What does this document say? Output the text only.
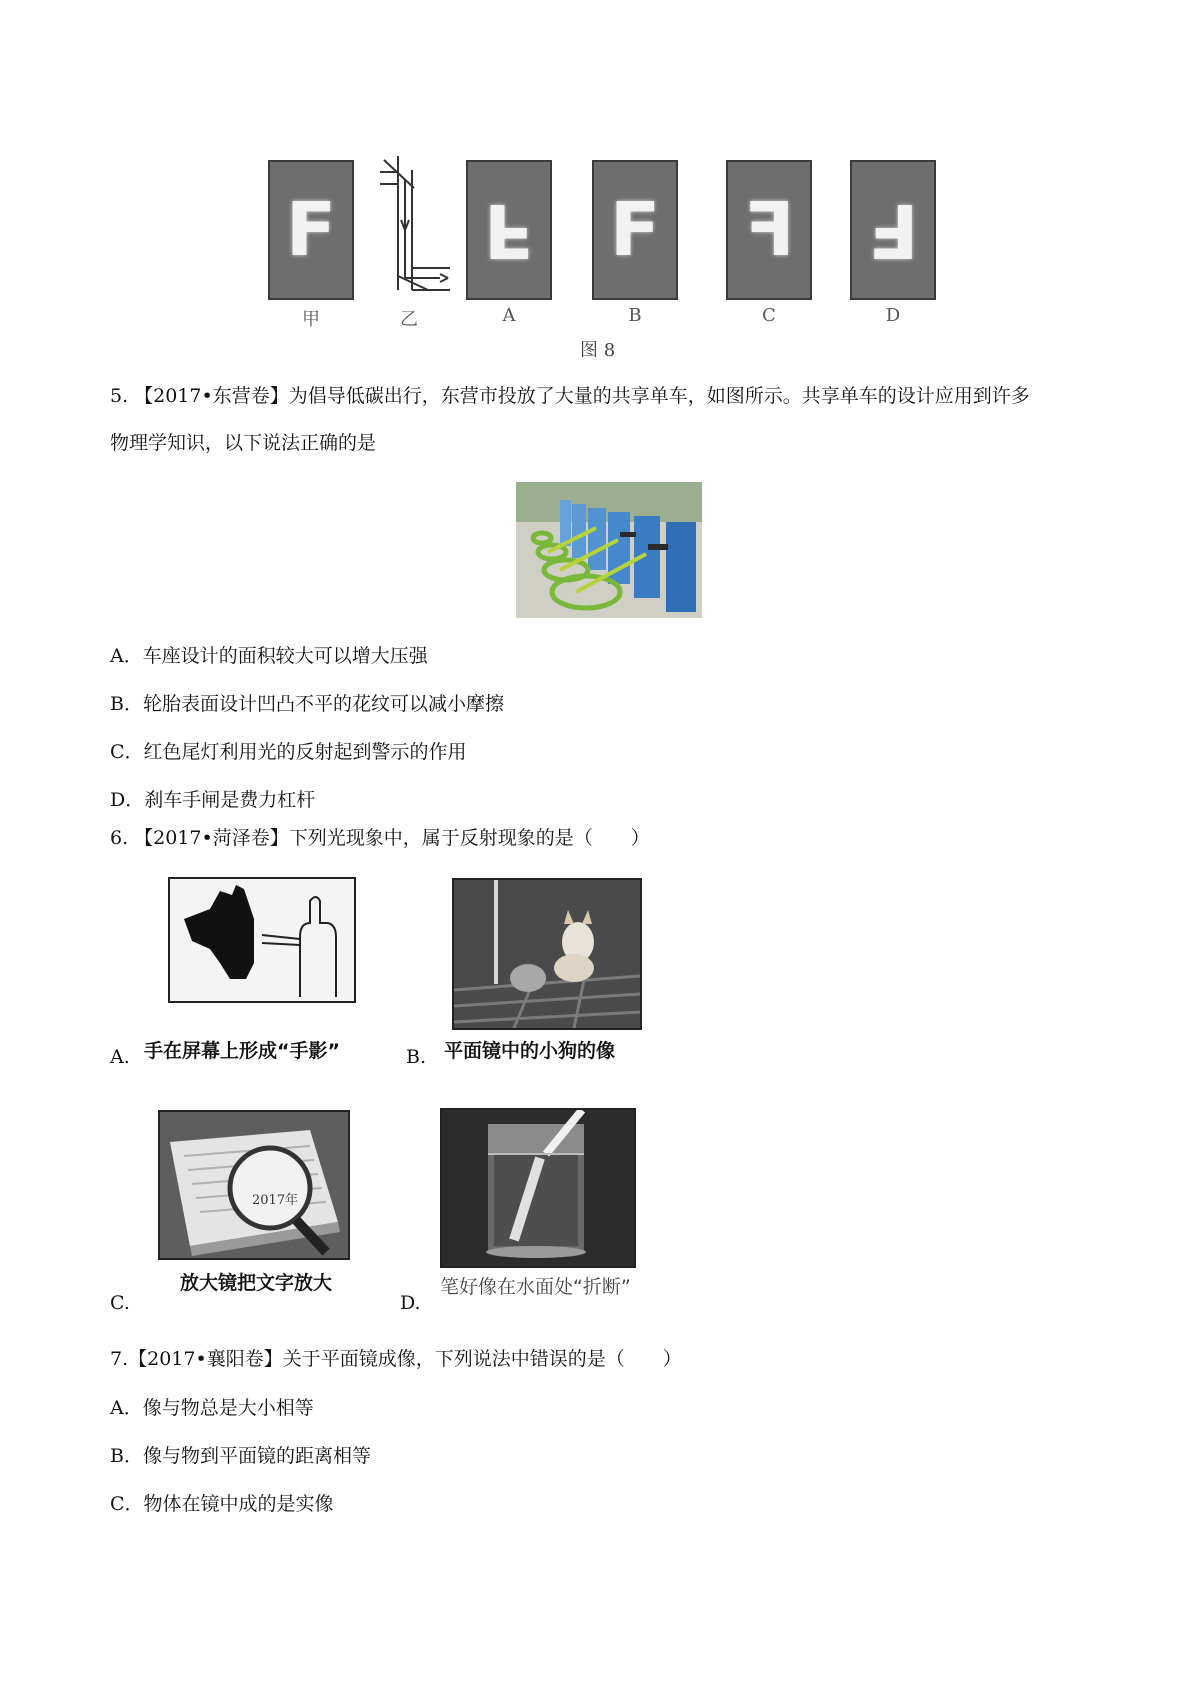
F
甲	乙
F
A
F
B
F
C
F
D
图 8
5. 【2017•东营卷】为倡导低碳出行，东营市投放了大量的共享单车，如图所示。共享单车的设计应用到许多
物理学知识，以下说法正确的是
A．车座设计的面积较大可以增大压强
B．轮胎表面设计凹凸不平的花纹可以减小摩擦
C．红色尾灯利用光的反射起到警示的作用
D．刹车手闸是费力杠杆
6. 【2017•菏泽卷】下列光现象中，属于反射现象的是（　　）
A. 手在屏幕上形成“手影”	B. 平面镜中的小狗的像
2017年
C.
放大镜把文字放大
D.
笔好像在水面处“折断”
7.【2017•襄阳卷】关于平面镜成像，下列说法中错误的是（　　）
A．像与物总是大小相等
B．像与物到平面镜的距离相等
C．物体在镜中成的是实像
